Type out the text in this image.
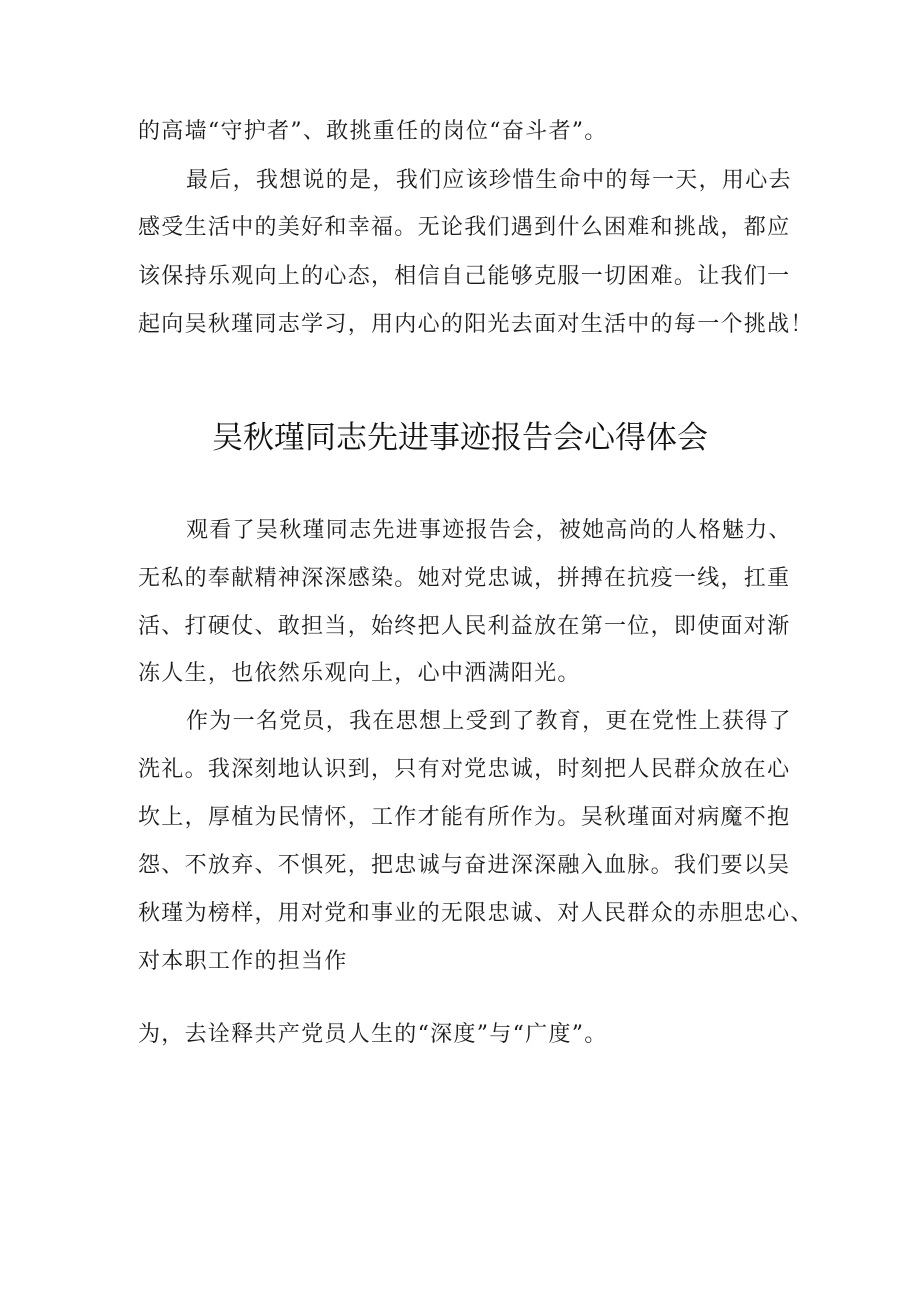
的高墙“守护者”、敢挑重任的岗位“奋斗者”。
最后，我想说的是，我们应该珍惜生命中的每一天，用心去
感受生活中的美好和幸福。无论我们遇到什么困难和挑战，都应
该保持乐观向上的心态，相信自己能够克服一切困难。让我们一
起向吴秋瑾同志学习，用内心的阳光去面对生活中的每一个挑战！
吴秋瑾同志先进事迹报告会心得体会
观看了吴秋瑾同志先进事迹报告会，被她高尚的人格魅力、
无私的奉献精神深深感染。她对党忠诚，拼搏在抗疫一线，扛重
活、打硬仗、敢担当，始终把人民利益放在第一位，即使面对渐
冻人生，也依然乐观向上，心中洒满阳光。
作为一名党员，我在思想上受到了教育，更在党性上获得了
洗礼。我深刻地认识到，只有对党忠诚，时刻把人民群众放在心
坎上，厚植为民情怀，工作才能有所作为。吴秋瑾面对病魔不抱
怨、不放弃、不惧死，把忠诚与奋进深深融入血脉。我们要以吴
秋瑾为榜样，用对党和事业的无限忠诚、对人民群众的赤胆忠心、
对本职工作的担当作
为，去诠释共产党员人生的“深度”与“广度”。
